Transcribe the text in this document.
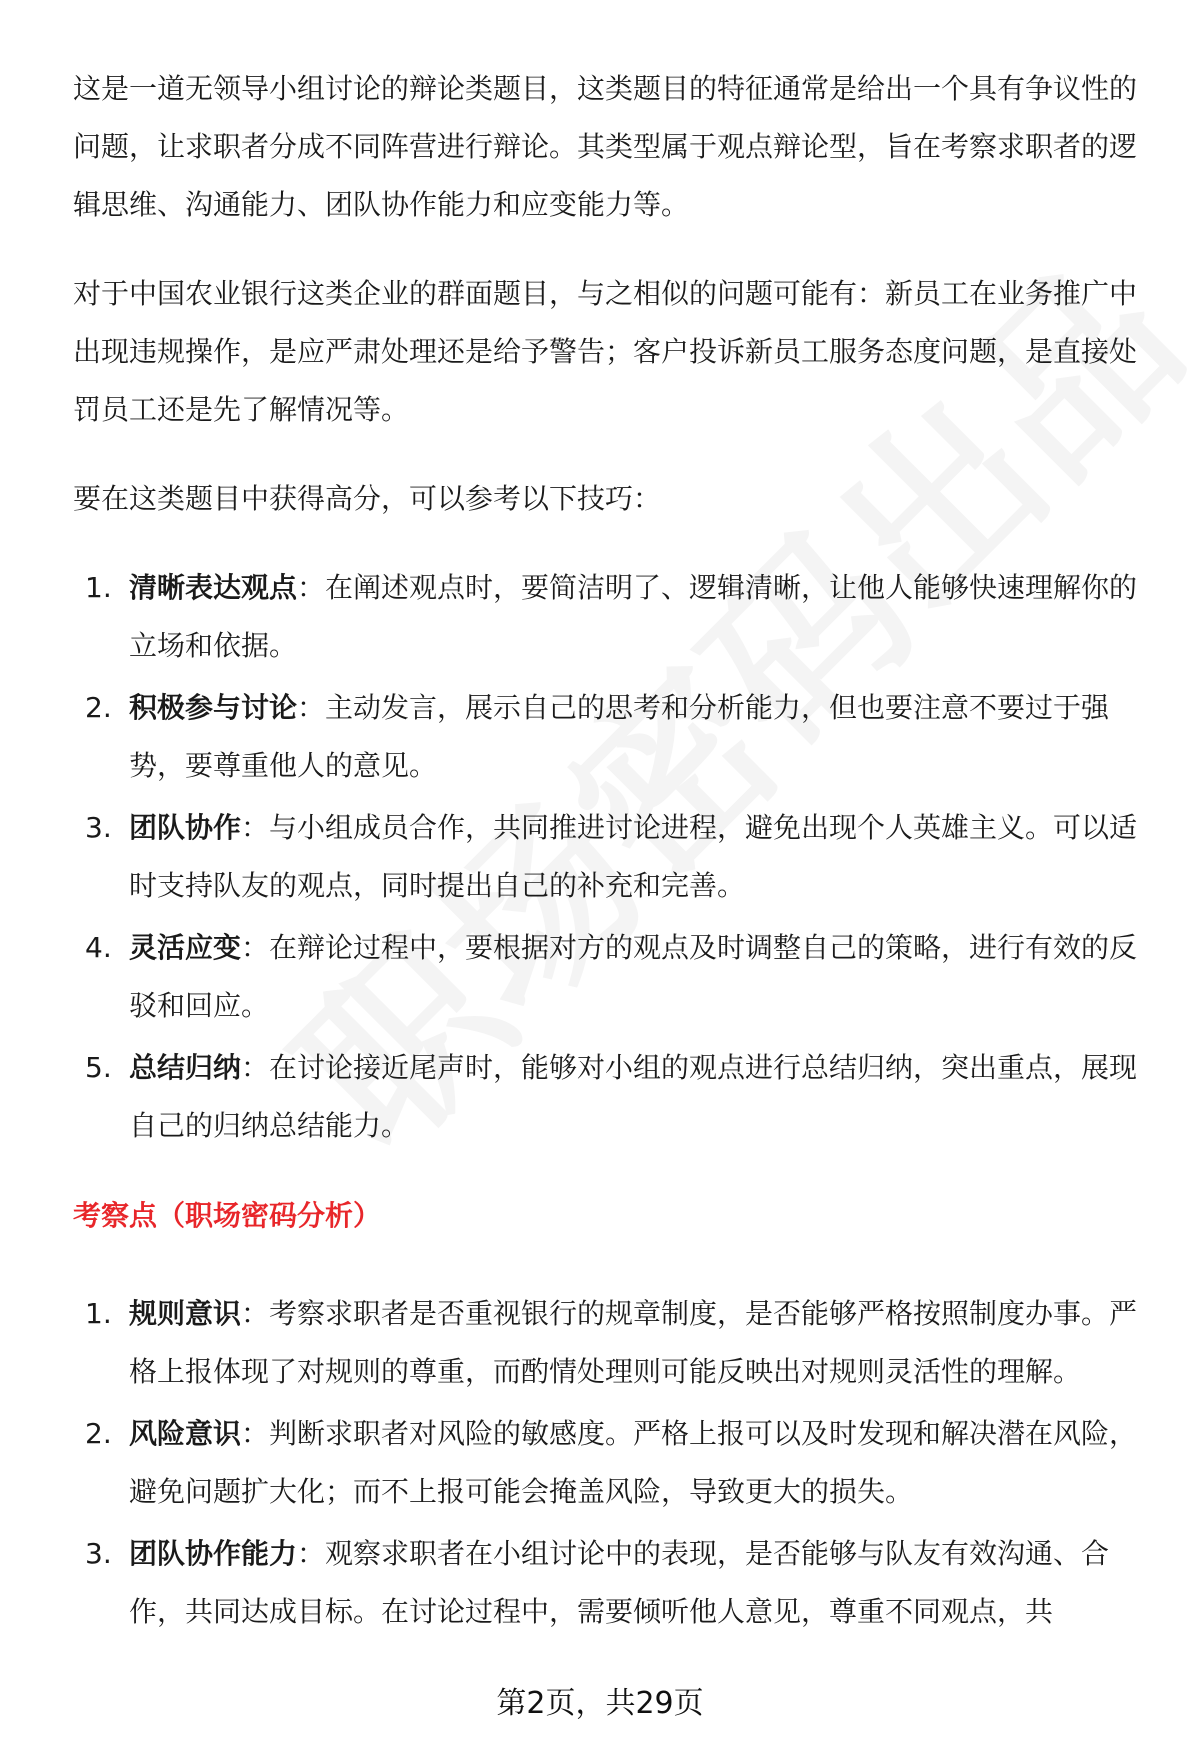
这是一道无领导小组讨论的辩论类题目，这类题目的特征通常是给出一个具有争议性的问题，让求职者分成不同阵营进行辩论。其类型属于观点辩论型，旨在考察求职者的逻辑思维、沟通能力、团队协作能力和应变能力等。

对于中国农业银行这类企业的群面题目，与之相似的问题可能有：新员工在业务推广中出现违规操作，是应严肃处理还是给予警告；客户投诉新员工服务态度问题，是直接处罚员工还是先了解情况等。

要在这类题目中获得高分，可以参考以下技巧：

1. 清晰表达观点：在阐述观点时，要简洁明了、逻辑清晰，让他人能够快速理解你的立场和依据。
2. 积极参与讨论：主动发言，展示自己的思考和分析能力，但也要注意不要过于强势，要尊重他人的意见。
3. 团队协作：与小组成员合作，共同推进讨论进程，避免出现个人英雄主义。可以适时支持队友的观点，同时提出自己的补充和完善。
4. 灵活应变：在辩论过程中，要根据对方的观点及时调整自己的策略，进行有效的反驳和回应。
5. 总结归纳：在讨论接近尾声时，能够对小组的观点进行总结归纳，突出重点，展现自己的归纳总结能力。
考察点（职场密码分析）
1. 规则意识：考察求职者是否重视银行的规章制度，是否能够严格按照制度办事。严格上报体现了对规则的尊重，而酌情处理则可能反映出对规则灵活性的理解。
2. 风险意识：判断求职者对风险的敏感度。严格上报可以及时发现和解决潜在风险，避免问题扩大化；而不上报可能会掩盖风险，导致更大的损失。
3. 团队协作能力：观察求职者在小组讨论中的表现，是否能够与队友有效沟通、合作，共同达成目标。在讨论过程中，需要倾听他人意见，尊重不同观点，共
第2页，共29页
